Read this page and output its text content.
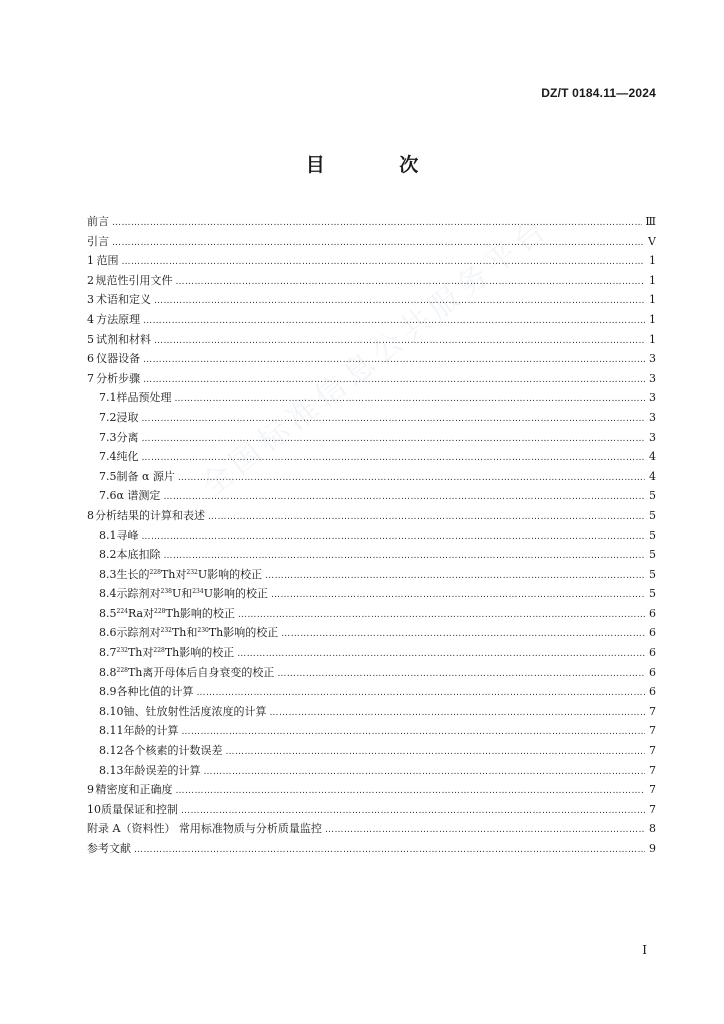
DZ/T 0184.11—2024
目 次
全国标准信息公共服务平台
前言 ……………………………………………………………………………………………………………………………………………………………………………………………………………………………………………………………………………………	Ⅲ
引言 ……………………………………………………………………………………………………………………………………………………………………………………………………………………………………………………………………………………	Ⅴ
1 范围 ……………………………………………………………………………………………………………………………………………………………………………………………………………………………………………………………………………………	1
2 规范性引用文件 ……………………………………………………………………………………………………………………………………………………………………………………………………………………………………………………………………………………	1
3 术语和定义 ……………………………………………………………………………………………………………………………………………………………………………………………………………………………………………………………………………………	1
4 方法原理 ……………………………………………………………………………………………………………………………………………………………………………………………………………………………………………………………………………………	1
5 试剂和材料 ……………………………………………………………………………………………………………………………………………………………………………………………………………………………………………………………………………………	1
6 仪器设备 ……………………………………………………………………………………………………………………………………………………………………………………………………………………………………………………………………………………	3
7 分析步骤 ……………………………………………………………………………………………………………………………………………………………………………………………………………………………………………………………………………………	3
7.1 样品预处理 ……………………………………………………………………………………………………………………………………………………………………………………………………………………………………………………………………………………	3
7.2 浸取 ……………………………………………………………………………………………………………………………………………………………………………………………………………………………………………………………………………………	3
7.3 分离 ……………………………………………………………………………………………………………………………………………………………………………………………………………………………………………………………………………………	3
7.4 纯化 ……………………………………………………………………………………………………………………………………………………………………………………………………………………………………………………………………………………	4
7.5 制备 α 源片 ……………………………………………………………………………………………………………………………………………………………………………………………………………………………………………………………………………………	4
7.6 α 谱测定 ……………………………………………………………………………………………………………………………………………………………………………………………………………………………………………………………………………………	5
8 分析结果的计算和表述 ……………………………………………………………………………………………………………………………………………………………………………………………………………………………………………………………………………………	5
8.1 寻峰 ……………………………………………………………………………………………………………………………………………………………………………………………………………………………………………………………………………………	5
8.2 本底扣除 ……………………………………………………………………………………………………………………………………………………………………………………………………………………………………………………………………………………	5
8.3 生长的$^{228}$Th对$^{232}$U影响的校正 ……………………………………………………………………………………………………………………………………………………………………………………………………………………………………………………………………………………	5
8.4 示踪剂对$^{238}$U和$^{234}$U影响的校正 ……………………………………………………………………………………………………………………………………………………………………………………………………………………………………………………………………………………	5
8.5 $^{224}$Ra对$^{228}$Th影响的校正 ……………………………………………………………………………………………………………………………………………………………………………………………………………………………………………………………………………………	6
8.6 示踪剂对$^{232}$Th和$^{230}$Th影响的校正 ……………………………………………………………………………………………………………………………………………………………………………………………………………………………………………………………………………………	6
8.7 $^{232}$Th对$^{228}$Th影响的校正 ……………………………………………………………………………………………………………………………………………………………………………………………………………………………………………………………………………………	6
8.8 $^{228}$Th离开母体后自身衰变的校正 ……………………………………………………………………………………………………………………………………………………………………………………………………………………………………………………………………………………	6
8.9 各种比值的计算 ……………………………………………………………………………………………………………………………………………………………………………………………………………………………………………………………………………………	6
8.10 铀、钍放射性活度浓度的计算 ……………………………………………………………………………………………………………………………………………………………………………………………………………………………………………………………………………………	7
8.11 年龄的计算 ……………………………………………………………………………………………………………………………………………………………………………………………………………………………………………………………………………………	7
8.12 各个核素的计数误差 ……………………………………………………………………………………………………………………………………………………………………………………………………………………………………………………………………………………	7
8.13 年龄误差的计算 ……………………………………………………………………………………………………………………………………………………………………………………………………………………………………………………………………………………	7
9 精密度和正确度 ……………………………………………………………………………………………………………………………………………………………………………………………………………………………………………………………………………………	7
10 质量保证和控制 ……………………………………………………………………………………………………………………………………………………………………………………………………………………………………………………………………………………	7
附录 A（资料性） 常用标准物质与分析质量监控 ……………………………………………………………………………………………………………………………………………………………………………………………………………………………………………………………………………………	8
参考文献 ……………………………………………………………………………………………………………………………………………………………………………………………………………………………………………………………………………………	9
I
